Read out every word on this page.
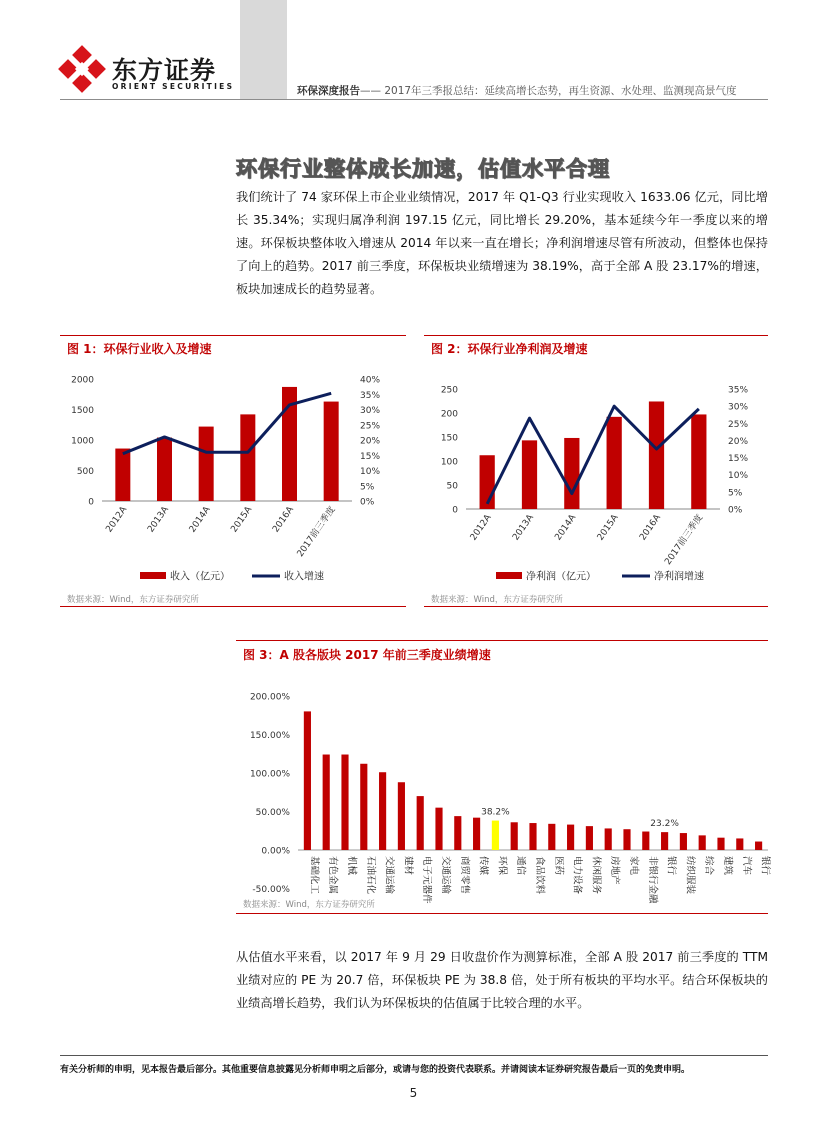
东方证券
ORIENT SECURITIES	环保深度报告—— 2017年三季报总结：延续高增长态势，再生资源、水处理、监测现高景气度
环保行业整体成长加速，估值水平合理
我们统计了 74 家环保上市企业业绩情况，2017 年 Q1-Q3 行业实现收入 1633.06 亿元，同比增长 35.34%；实现归属净利润 197.15 亿元，同比增长 29.20%，基本延续今年一季度以来的增速。环保板块整体收入增速从 2014 年以来一直在增长；净利润增速尽管有所波动，但整体也保持了向上的趋势。2017 前三季度，环保板块业绩增速为 38.19%，高于全部 A 股 23.17%的增速，板块加速成长的趋势显著。
图 1：环保行业收入及增速
0
500
1000
1500
2000
0%
5%
10%
15%
20%
25%
30%
35%
40%
2012A 2013A 2014A 2015A 2016A 2017前三季度
收入（亿元）	收入增速
数据来源：Wind，东方证券研究所
图 2：环保行业净利润及增速
0
50
100
150
200
250
0%
5%
10%
15%
20%
25%
30%
35%
2012A 2013A 2014A 2015A 2016A 2017前三季度
净利润（亿元）	净利润增速
数据来源：Wind，东方证券研究所
图 3：A 股各版块 2017 年前三季度业绩增速
-50.00%
0.00%
50.00%
100.00%
150.00%
200.00%
基础化工 有色金属 机械 石油石化 交通运输 建材 电子元器件 交通运输 商贸零售 传媒 环保 通信 食品饮料 医药 电力设备 休闲服务 房地产 家电 非银行金融 银行 纺织服装 综合 建筑 汽车 银行
38.2%
23.2%
数据来源：Wind，东方证券研究所
从估值水平来看，以 2017 年 9 月 29 日收盘价作为测算标准，全部 A 股 2017 前三季度的 TTM 业绩对应的 PE 为 20.7 倍，环保板块 PE 为 38.8 倍，处于所有板块的平均水平。结合环保板块的业绩高增长趋势，我们认为环保板块的估值属于比较合理的水平。
有关分析师的申明，见本报告最后部分。其他重要信息披露见分析师申明之后部分，或请与您的投资代表联系。并请阅读本证券研究报告最后一页的免责申明。
5
